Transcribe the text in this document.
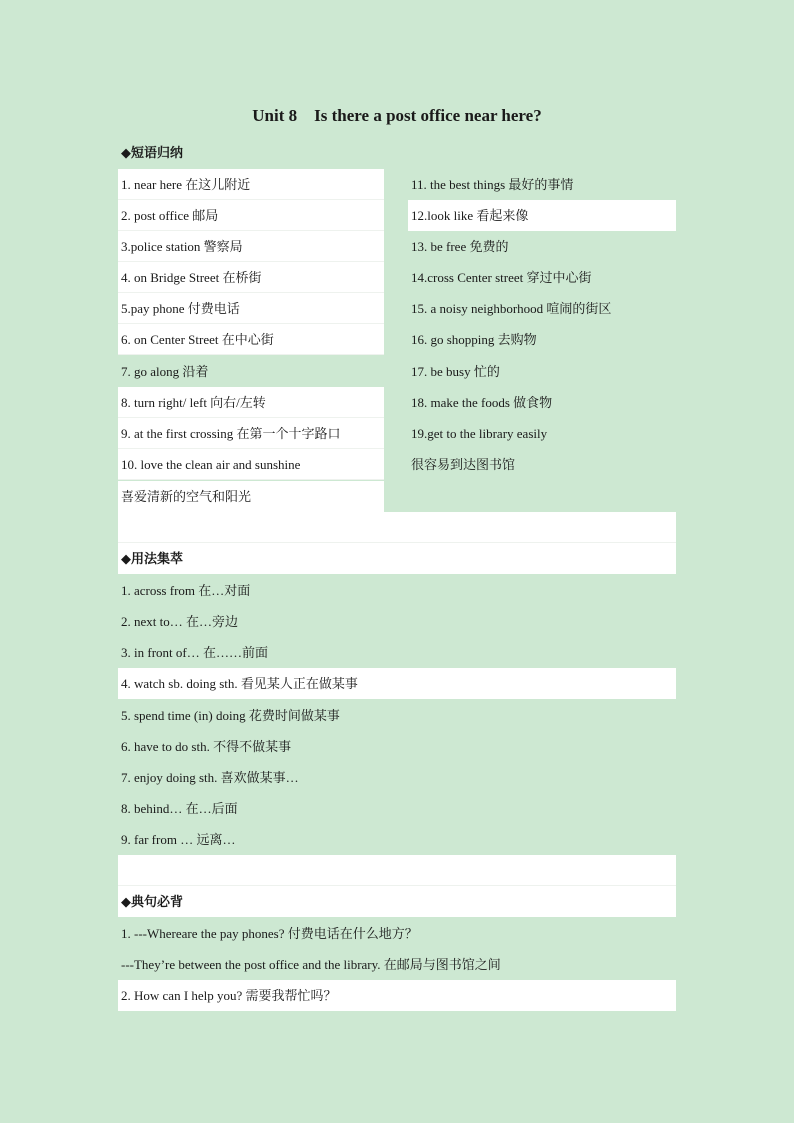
Unit 8    Is there a post office near here?
◆短语归纳
1. near here 在这儿附近
2. post office 邮局
3.police station 警察局
4. on Bridge Street 在桥街
5.pay phone 付费电话
6. on Center Street 在中心街
7. go along 沿着
8. turn right/ left 向右/左转
9. at the first crossing 在第一个十字路口
10. love the clean air and sunshine
喜爱清新的空气和阳光
11. the best things 最好的事情
12.look like 看起来像
13. be free 免费的
14.cross Center street 穿过中心街
15. a noisy neighborhood 喧闹的街区
16. go shopping 去购物
17. be busy 忙的
18. make the foods 做食物
19.get to the library easily
很容易到达图书馆
◆用法集萃
1. across from 在…对面
2. next to… 在…旁边
3. in front of… 在……前面
4. watch sb. doing sth. 看见某人正在做某事
5. spend time (in) doing 花费时间做某事
6. have to do sth. 不得不做某事
7. enjoy doing sth. 喜欢做某事…
8. behind… 在…后面
9. far from … 远离…
◆典句必背
1. ---Whereare the pay phones? 付费电话在什么地方？
---They’re between the post office and the library. 在邮局与图书馆之间
2. How can I help you? 需要我帮忙吗？
